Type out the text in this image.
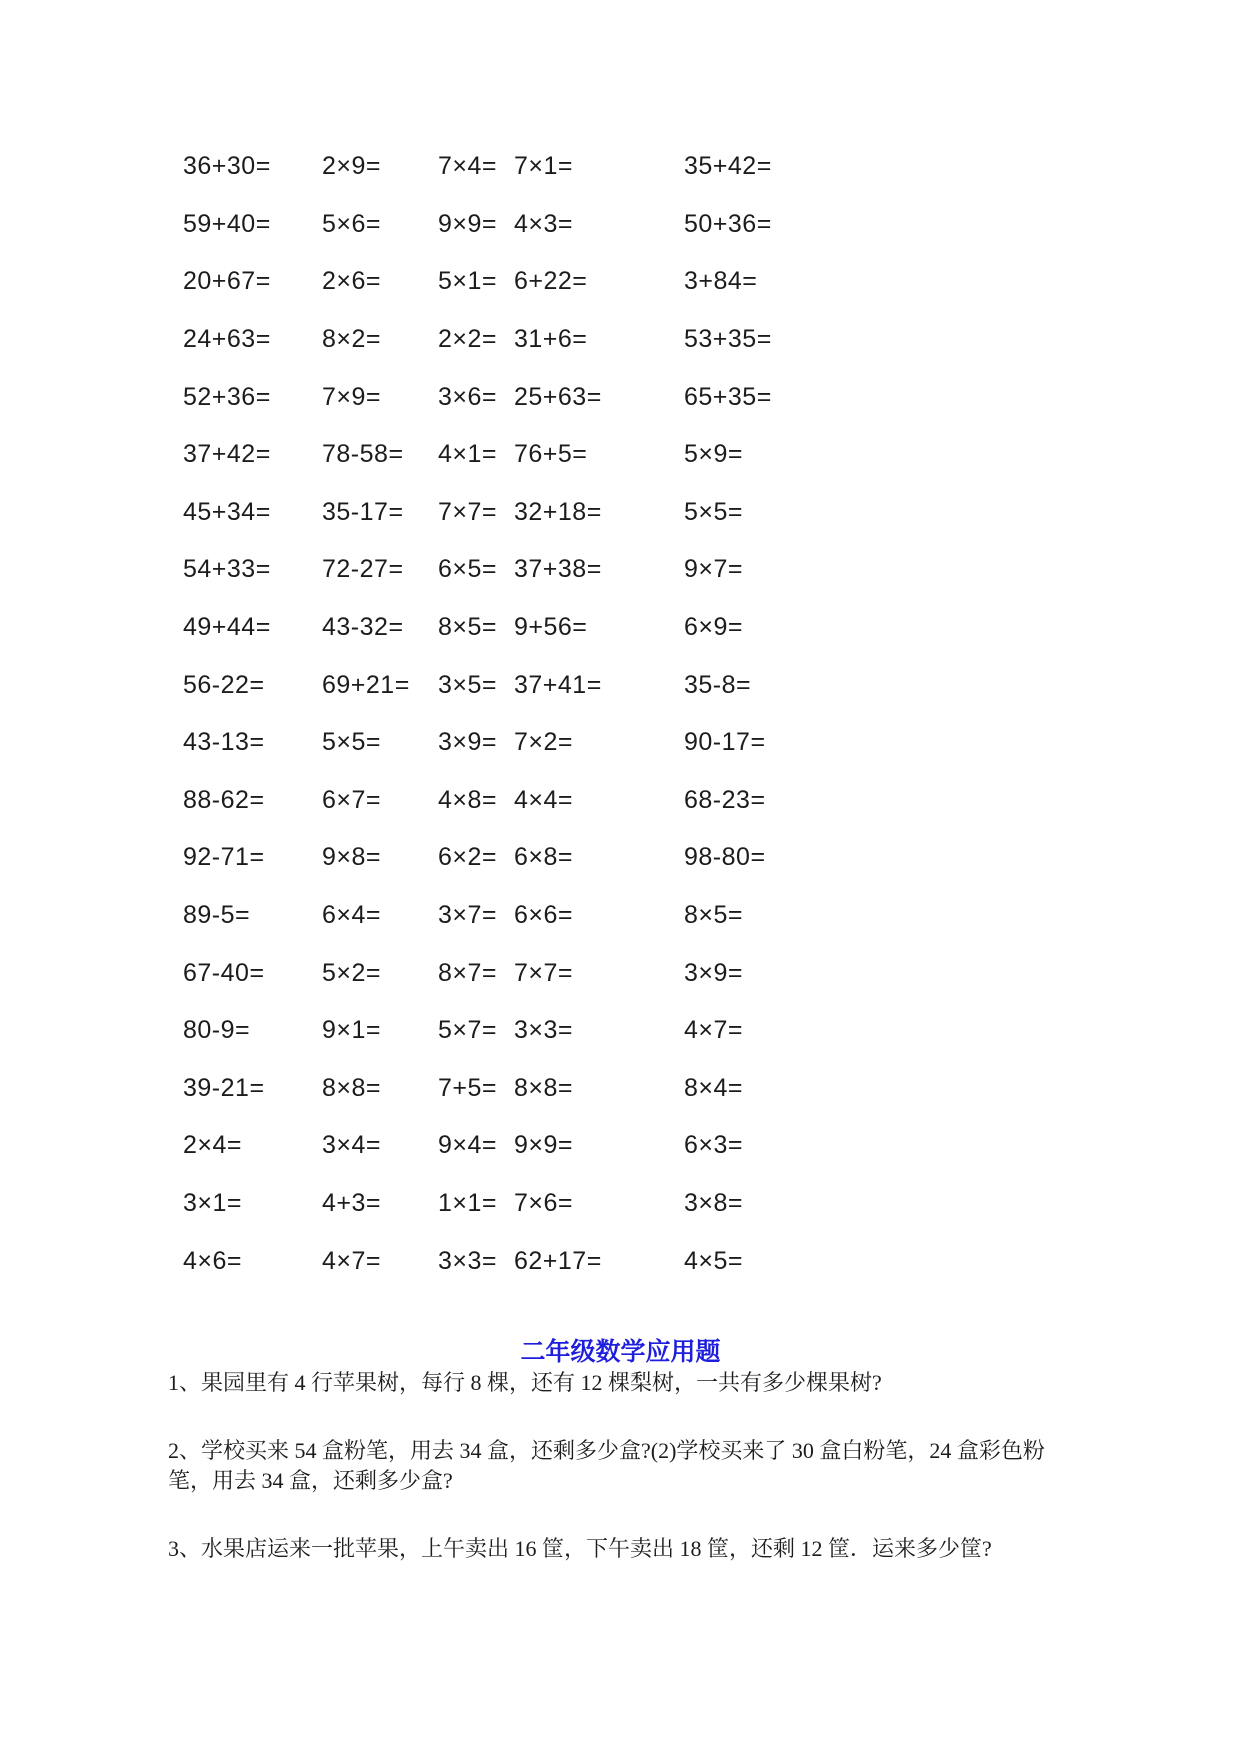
36+30=	2×9=	7×4= 7×1=	35+42=
59+40=	5×6=	9×9= 4×3=	50+36=
20+67=	2×6=	5×1= 6+22=	3+84=
24+63=	8×2=	2×2= 31+6=	53+35=
52+36=	7×9=	3×6= 25+63=	65+35=
37+42=	78-58=	4×1= 76+5=	5×9=
45+34=	35-17=	7×7= 32+18=	5×5=
54+33=	72-27=	6×5= 37+38=	9×7=
49+44=	43-32=	8×5= 9+56=	6×9=
56-22=	69+21=	3×5= 37+41=	35-8=
43-13=	5×5=	3×9= 7×2=	90-17=
88-62=	6×7=	4×8= 4×4=	68-23=
92-71=	9×8=	6×2= 6×8=	98-80=
89-5=	6×4=	3×7= 6×6=	8×5=
67-40=	5×2=	8×7= 7×7=	3×9=
80-9=	9×1=	5×7= 3×3=	4×7=
39-21=	8×8=	7+5= 8×8=	8×4=
2×4=	3×4=	9×4= 9×9=	6×3=
3×1=	4+3=	1×1= 7×6=	3×8=
4×6=	4×7=	3×3= 62+17=	4×5=
二年级数学应用题

1、果园里有 4 行苹果树，每行 8 棵，还有 12 棵梨树，一共有多少棵果树?

2、学校买来 54 盒粉笔，用去 34 盒，还剩多少盒?(2)学校买来了 30 盒白粉笔，24 盒彩色粉笔，用去 34 盒，还剩多少盒?

3、水果店运来一批苹果，上午卖出 16 筐，下午卖出 18 筐，还剩 12 筐．运来多少筐?
